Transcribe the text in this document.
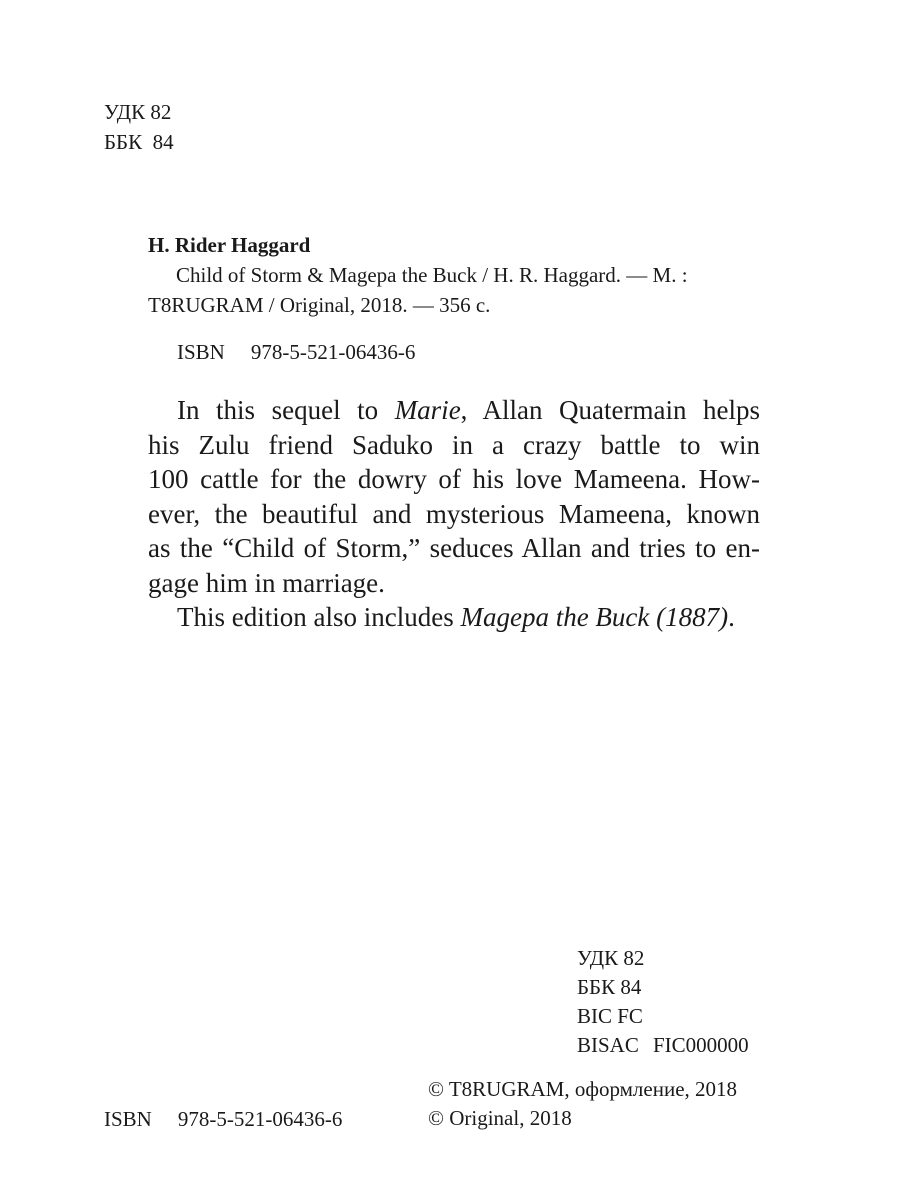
УДК 82
ББК  84
H. Rider Haggard
Child of Storm & Magepa the Buck / H. R. Haggard. — M. :
T8RUGRAM / Original, 2018. — 356 с.
ISBN 978-5-521-06436-6
In this sequel to Marie, Allan Quatermain helps
his Zulu friend Saduko in a crazy battle to win
100 cattle for the dowry of his love Mameena. How-
ever, the beautiful and mysterious Mameena, known
as the “Child of Storm,” seduces Allan and tries to en-
gage him in marriage.
This edition also includes Magepa the Buck (1887).
УДК 82
ББК 84
BIC FC
BISAC FIC000000
© T8RUGRAM, оформление, 2018
© Original, 2018
ISBN 978-5-521-06436-6
